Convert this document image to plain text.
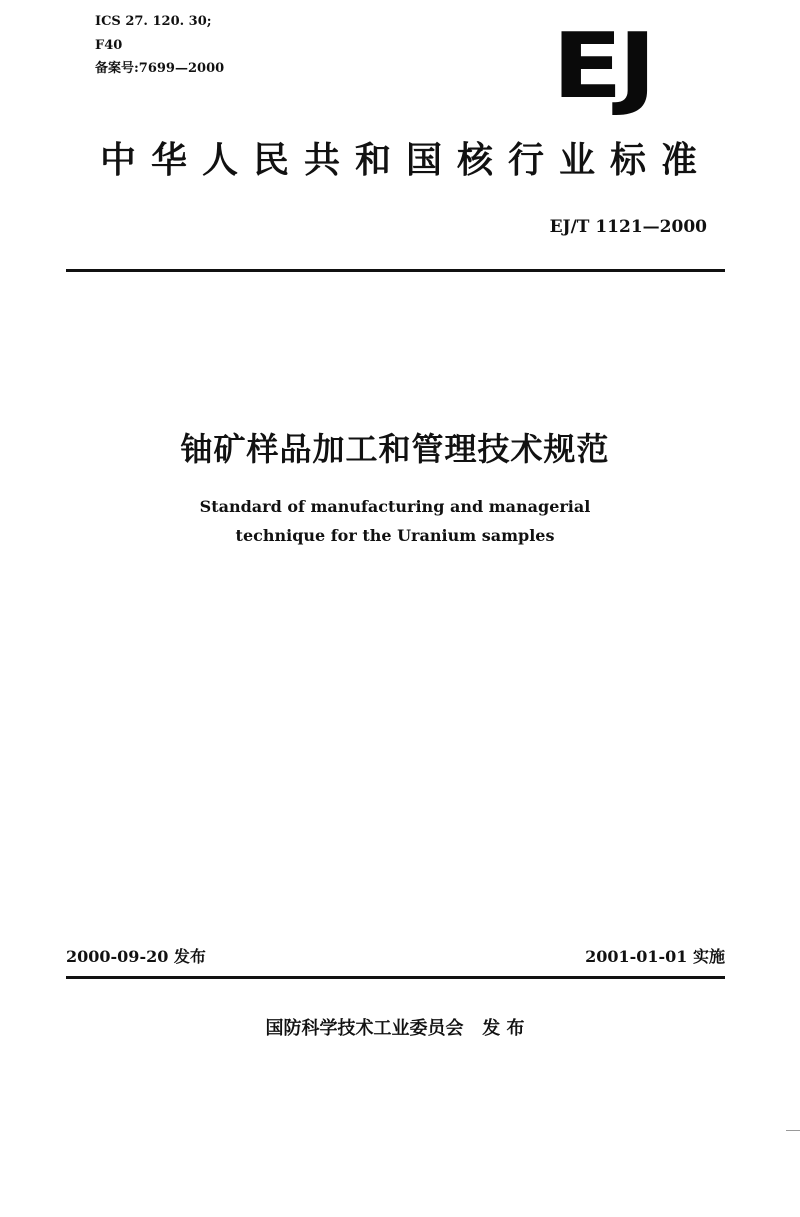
ICS 27. 120. 30;
F40
备案号:7699—2000	EJ
中华人民共和国核行业标准
EJ/T 1121—2000
铀矿样品加工和管理技术规范
Standard of manufacturing and managerial
technique for the Uranium samples
2000-09-20 发布	2001-01-01 实施
国防科学技术工业委员会   发 布
